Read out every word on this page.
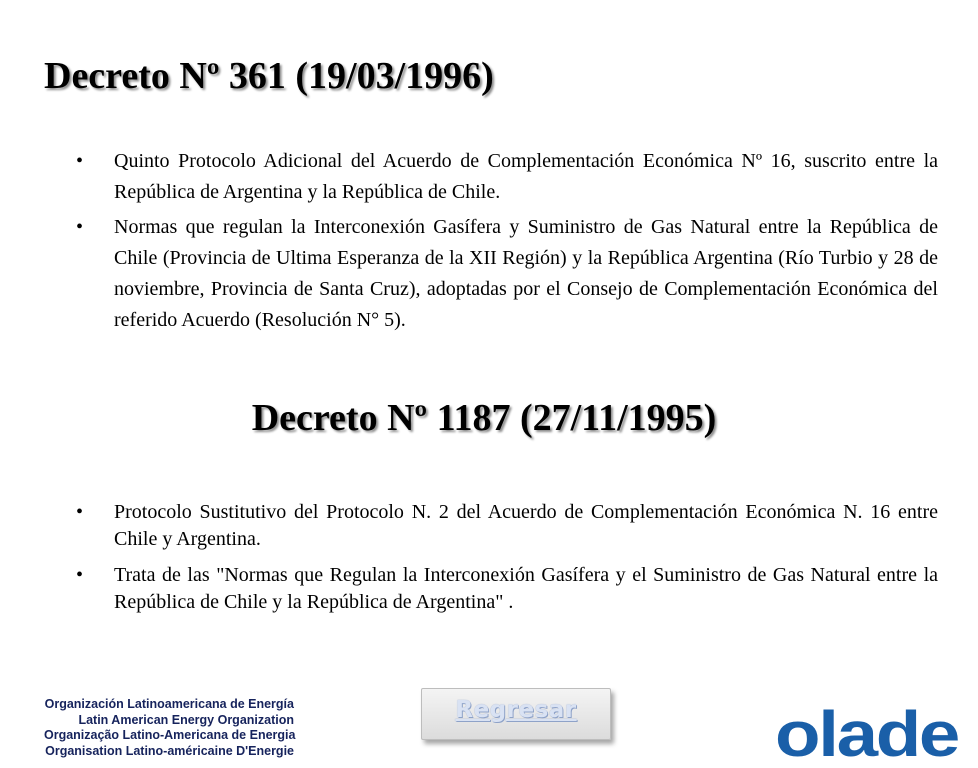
Decreto Nº 361 (19/03/1996)
• Quinto Protocolo Adicional del Acuerdo de Complementación Económica Nº 16, suscrito entre la República de Argentina y la República de Chile.
• Normas que regulan la Interconexión Gasífera y Suministro de Gas Natural entre la República de Chile (Provincia de Ultima Esperanza de la XII Región) y la República Argentina (Río Turbio y 28 de noviembre, Provincia de Santa Cruz), adoptadas por el Consejo de Complementación Económica del referido Acuerdo (Resolución N° 5).
Decreto Nº 1187 (27/11/1995)
• Protocolo Sustitutivo del Protocolo N. 2 del Acuerdo de Complementación Económica N. 16 entre Chile y Argentina.
• Trata de las "Normas que Regulan la Interconexión Gasífera y el Suministro de Gas Natural entre la República de Chile y la República de Argentina" .
Organización Latinoamericana de Energía
Latin American Energy Organization
Organização Latino-Americana de Energia
Organisation Latino-américaine D'Energie
Regresar	olade
